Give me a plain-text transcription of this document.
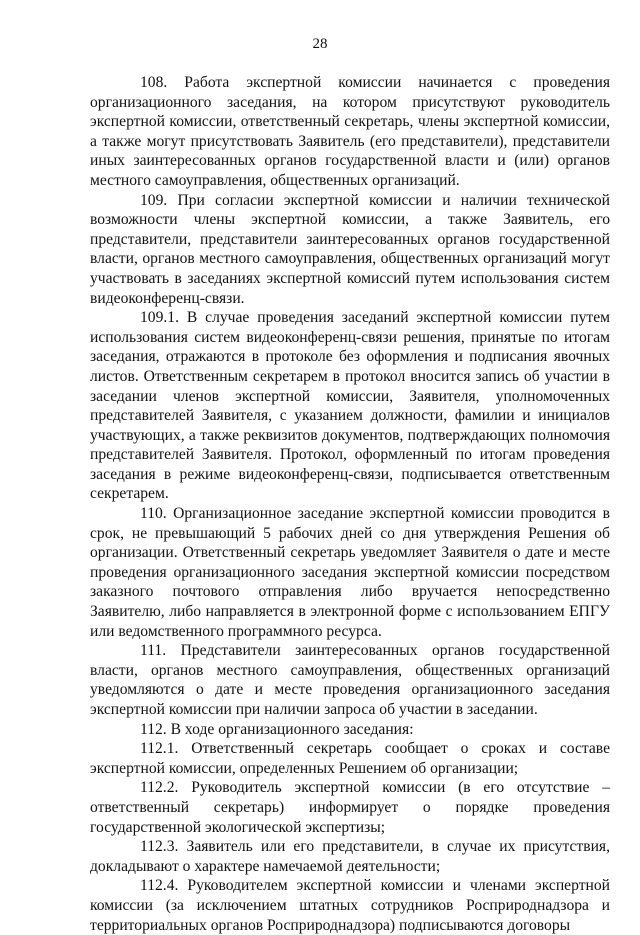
28

108. Работа экспертной комиссии начинается с проведения организационного заседания, на котором присутствуют руководитель экспертной комиссии, ответственный секретарь, члены экспертной комиссии, а также могут присутствовать Заявитель (его представители), представители иных заинтересованных органов государственной власти и (или) органов местного самоуправления, общественных организаций.

109. При согласии экспертной комиссии и наличии технической возможности члены экспертной комиссии, а также Заявитель, его представители, представители заинтересованных органов государственной власти, органов местного самоуправления, общественных организаций могут участвовать в заседаниях экспертной комиссий путем использования систем видеоконференц-связи.

109.1. В случае проведения заседаний экспертной комиссии путем использования систем видеоконференц-связи решения, принятые по итогам заседания, отражаются в протоколе без оформления и подписания явочных листов. Ответственным секретарем в протокол вносится запись об участии в заседании членов экспертной комиссии, Заявителя, уполномоченных представителей Заявителя, с указанием должности, фамилии и инициалов участвующих, а также реквизитов документов, подтверждающих полномочия представителей Заявителя. Протокол, оформленный по итогам проведения заседания в режиме видеоконференц-связи, подписывается ответственным секретарем.

110. Организационное заседание экспертной комиссии проводится в срок, не превышающий 5 рабочих дней со дня утверждения Решения об организации. Ответственный секретарь уведомляет Заявителя о дате и месте проведения организационного заседания экспертной комиссии посредством заказного почтового отправления либо вручается непосредственно Заявителю, либо направляется в электронной форме с использованием ЕПГУ или ведомственного программного ресурса.

111. Представители заинтересованных органов государственной власти, органов местного самоуправления, общественных организаций уведомляются о дате и месте проведения организационного заседания экспертной комиссии при наличии запроса об участии в заседании.

112. В ходе организационного заседания:

112.1. Ответственный секретарь сообщает о сроках и составе экспертной комиссии, определенных Решением об организации;

112.2. Руководитель экспертной комиссии (в его отсутствие – ответственный секретарь) информирует о порядке проведения государственной экологической экспертизы;

112.3. Заявитель или его представители, в случае их присутствия, докладывают о характере намечаемой деятельности;

112.4. Руководителем экспертной комиссии и членами экспертной комиссии (за исключением штатных сотрудников Росприроднадзора и территориальных органов Росприроднадзора) подписываются договоры
